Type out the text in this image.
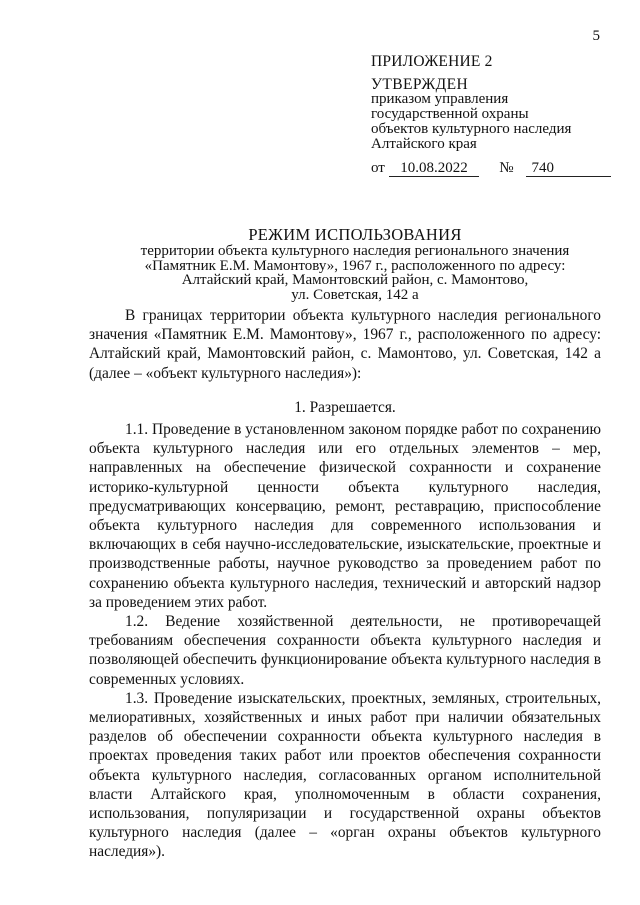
5
ПРИЛОЖЕНИЕ 2
УТВЕРЖДЕН
приказом управления
государственной охраны
объектов культурного наследия
Алтайского края
от	10.08.2022	№	740
РЕЖИМ ИСПОЛЬЗОВАНИЯ
территории объекта культурного наследия регионального значения
«Памятник Е.М. Мамонтову», 1967 г., расположенного по адресу:
Алтайский край, Мамонтовский район, с. Мамонтово,
ул. Советская, 142 а

В границах территории объекта культурного наследия регионального значения «Памятник Е.М. Мамонтову», 1967 г., расположенного по адресу: Алтайский край, Мамонтовский район, с. Мамонтово, ул. Советская, 142 а (далее – «объект культурного наследия»):

1. Разрешается.

1.1. Проведение в установленном законом порядке работ по сохранению объекта культурного наследия или его отдельных элементов – мер, направленных на обеспечение физической сохранности и сохранение историко-культурной ценности объекта культурного наследия, предусматривающих консервацию, ремонт, реставрацию, приспособление объекта культурного наследия для современного использования и включающих в себя научно-исследовательские, изыскательские, проектные и производственные работы, научное руководство за проведением работ по сохранению объекта культурного наследия, технический и авторский надзор за проведением этих работ.

1.2. Ведение хозяйственной деятельности, не противоречащей требованиям обеспечения сохранности объекта культурного наследия и позволяющей обеспечить функционирование объекта культурного наследия в современных условиях.

1.3. Проведение изыскательских, проектных, земляных, строительных, мелиоративных, хозяйственных и иных работ при наличии обязательных разделов об обеспечении сохранности объекта культурного наследия в проектах проведения таких работ или проектов обеспечения сохранности объекта культурного наследия, согласованных органом исполнительной власти Алтайского края, уполномоченным в области сохранения, использования, популяризации и государственной охраны объектов культурного наследия (далее – «орган охраны объектов культурного наследия»).
